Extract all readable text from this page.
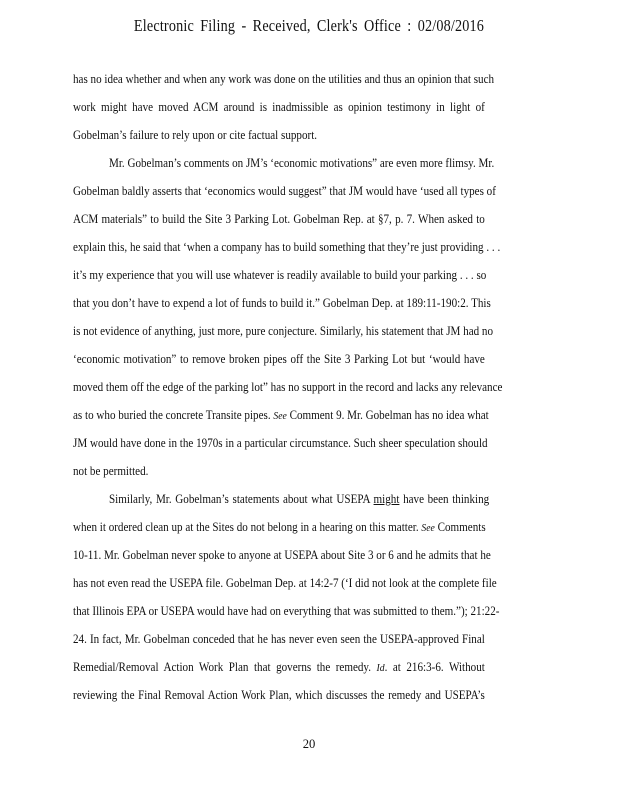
Electronic Filing - Received, Clerk's Office : 02/08/2016
has no idea whether and when any work was done on the utilities and thus an opinion that such
work might have moved ACM around is inadmissible as opinion testimony in light of
Gobelman’s failure to rely upon or cite factual support.
Mr. Gobelman’s comments on JM’s ‘economic motivations” are even more flimsy. Mr.
Gobelman baldly asserts that ‘economics would suggest” that JM would have ‘used all types of
ACM materials” to build the Site 3 Parking Lot. Gobelman Rep. at §7, p. 7. When asked to
explain this, he said that ‘when a company has to build something that they’re just providing . . .
it’s my experience that you will use whatever is readily available to build your parking . . . so
that you don’t have to expend a lot of funds to build it.” Gobelman Dep. at 189:11-190:2. This
is not evidence of anything, just more, pure conjecture. Similarly, his statement that JM had no
‘economic motivation” to remove broken pipes off the Site 3 Parking Lot but ‘would have
moved them off the edge of the parking lot” has no support in the record and lacks any relevance
as to who buried the concrete Transite pipes. See Comment 9. Mr. Gobelman has no idea what
JM would have done in the 1970s in a particular circumstance. Such sheer speculation should
not be permitted.
Similarly, Mr. Gobelman’s statements about what USEPA might have been thinking
when it ordered clean up at the Sites do not belong in a hearing on this matter. See Comments
10-11. Mr. Gobelman never spoke to anyone at USEPA about Site 3 or 6 and he admits that he
has not even read the USEPA file. Gobelman Dep. at 14:2-7 (‘I did not look at the complete file
that Illinois EPA or USEPA would have had on everything that was submitted to them.”); 21:22-
24. In fact, Mr. Gobelman conceded that he has never even seen the USEPA-approved Final
Remedial/Removal Action Work Plan that governs the remedy. Id. at 216:3-6. Without
reviewing the Final Removal Action Work Plan, which discusses the remedy and USEPA’s
20
